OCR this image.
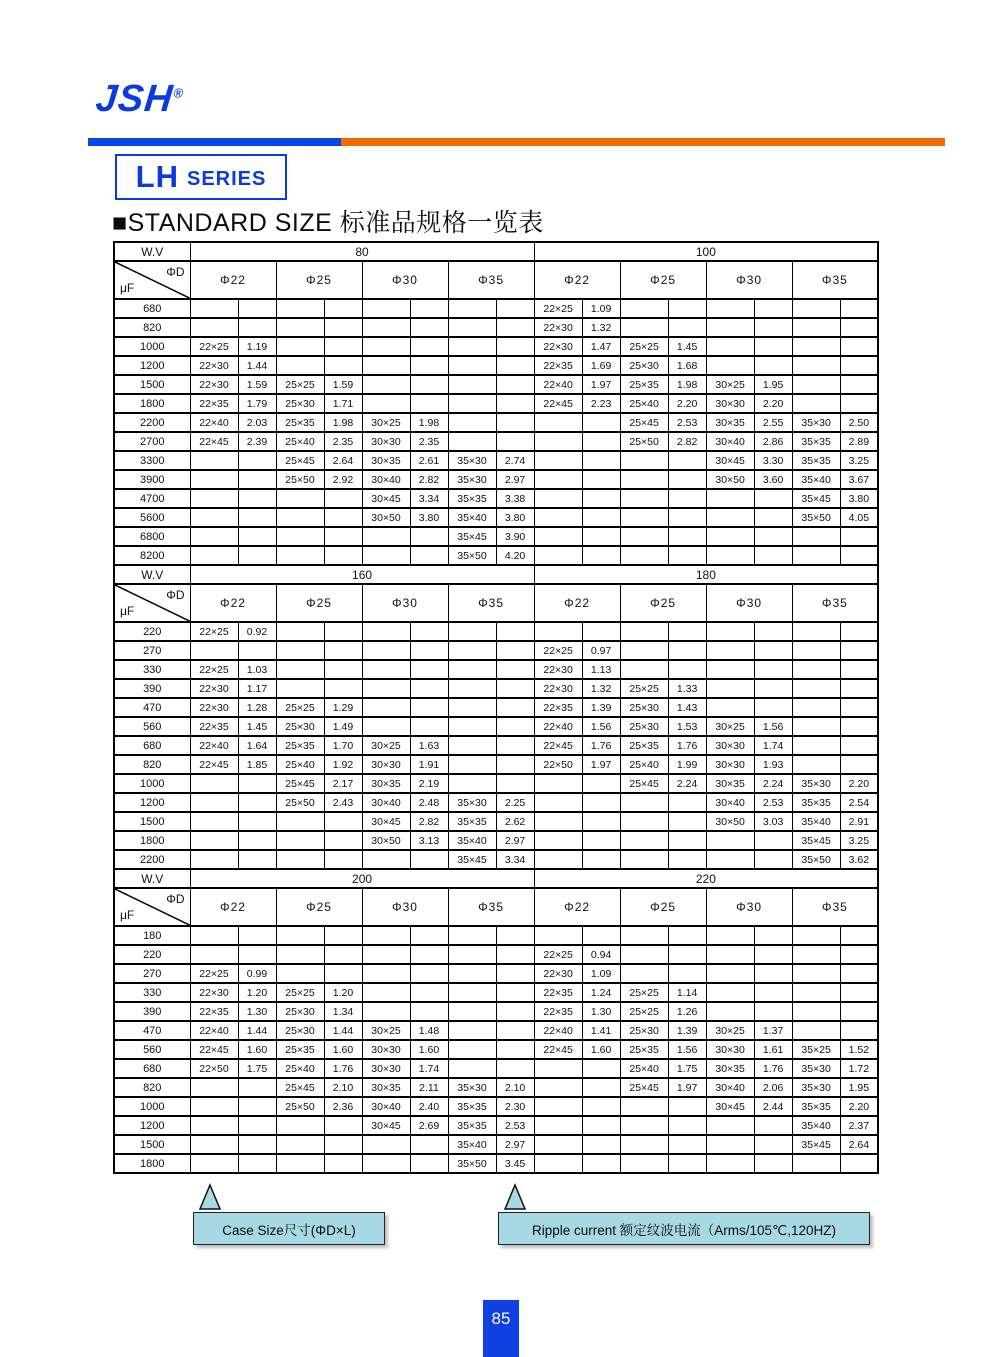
JSH®
LH SERIES
■STANDARD SIZE 标准品规格一览表
W.V	80								100							

ΦD
μF	Φ22		Φ25		Φ30		Φ35		Φ22		Φ25		Φ30		Φ35	
680									22×25	1.09						
820									22×30	1.32						
1000	22×25	1.19							22×30	1.47	25×25	1.45				
1200	22×30	1.44							22×35	1.69	25×30	1.68				
1500	22×30	1.59	25×25	1.59					22×40	1.97	25×35	1.98	30×25	1.95		
1800	22×35	1.79	25×30	1.71					22×45	2.23	25×40	2.20	30×30	2.20		
2200	22×40	2.03	25×35	1.98	30×25	1.98					25×45	2.53	30×35	2.55	35×30	2.50
2700	22×45	2.39	25×40	2.35	30×30	2.35					25×50	2.82	30×40	2.86	35×35	2.89
3300			25×45	2.64	30×35	2.61	35×30	2.74					30×45	3.30	35×35	3.25
3900			25×50	2.92	30×40	2.82	35×30	2.97					30×50	3.60	35×40	3.67
4700					30×45	3.34	35×35	3.38							35×45	3.80
5600					30×50	3.80	35×40	3.80							35×50	4.05
6800							35×45	3.90								
8200							35×50	4.20								
W.V	160								180							

ΦD
μF	Φ22		Φ25		Φ30		Φ35		Φ22		Φ25		Φ30		Φ35	
220	22×25	0.92														
270									22×25	0.97						
330	22×25	1.03							22×30	1.13						
390	22×30	1.17							22×30	1.32	25×25	1.33				
470	22×30	1.28	25×25	1.29					22×35	1.39	25×30	1.43				
560	22×35	1.45	25×30	1.49					22×40	1.56	25×30	1.53	30×25	1.56		
680	22×40	1.64	25×35	1.70	30×25	1.63			22×45	1.76	25×35	1.76	30×30	1.74		
820	22×45	1.85	25×40	1.92	30×30	1.91			22×50	1.97	25×40	1.99	30×30	1.93		
1000			25×45	2.17	30×35	2.19					25×45	2.24	30×35	2.24	35×30	2.20
1200			25×50	2.43	30×40	2.48	35×30	2.25					30×40	2.53	35×35	2.54
1500					30×45	2.82	35×35	2.62					30×50	3.03	35×40	2.91
1800					30×50	3.13	35×40	2.97							35×45	3.25
2200							35×45	3.34							35×50	3.62
W.V	200								220							

ΦD
μF	Φ22		Φ25		Φ30		Φ35		Φ22		Φ25		Φ30		Φ35	
180																
220									22×25	0.94						
270	22×25	0.99							22×30	1.09						
330	22×30	1.20	25×25	1.20					22×35	1.24	25×25	1.14				
390	22×35	1.30	25×30	1.34					22×35	1.30	25×25	1.26				
470	22×40	1.44	25×30	1.44	30×25	1.48			22×40	1.41	25×30	1.39	30×25	1.37		
560	22×45	1.60	25×35	1.60	30×30	1.60			22×45	1.60	25×35	1.56	30×30	1.61	35×25	1.52
680	22×50	1.75	25×40	1.76	30×30	1.74					25×40	1.75	30×35	1.76	35×30	1.72
820			25×45	2.10	30×35	2.11	35×30	2.10			25×45	1.97	30×40	2.06	35×30	1.95
1000			25×50	2.36	30×40	2.40	35×35	2.30					30×45	2.44	35×35	2.20
1200					30×45	2.69	35×35	2.53							35×40	2.37
1500							35×40	2.97							35×45	2.64
1800							35×50	3.45								
Case Size尺寸(ΦD×L)	Ripple current 额定纹波电流（Arms/105℃,120HZ)
85
